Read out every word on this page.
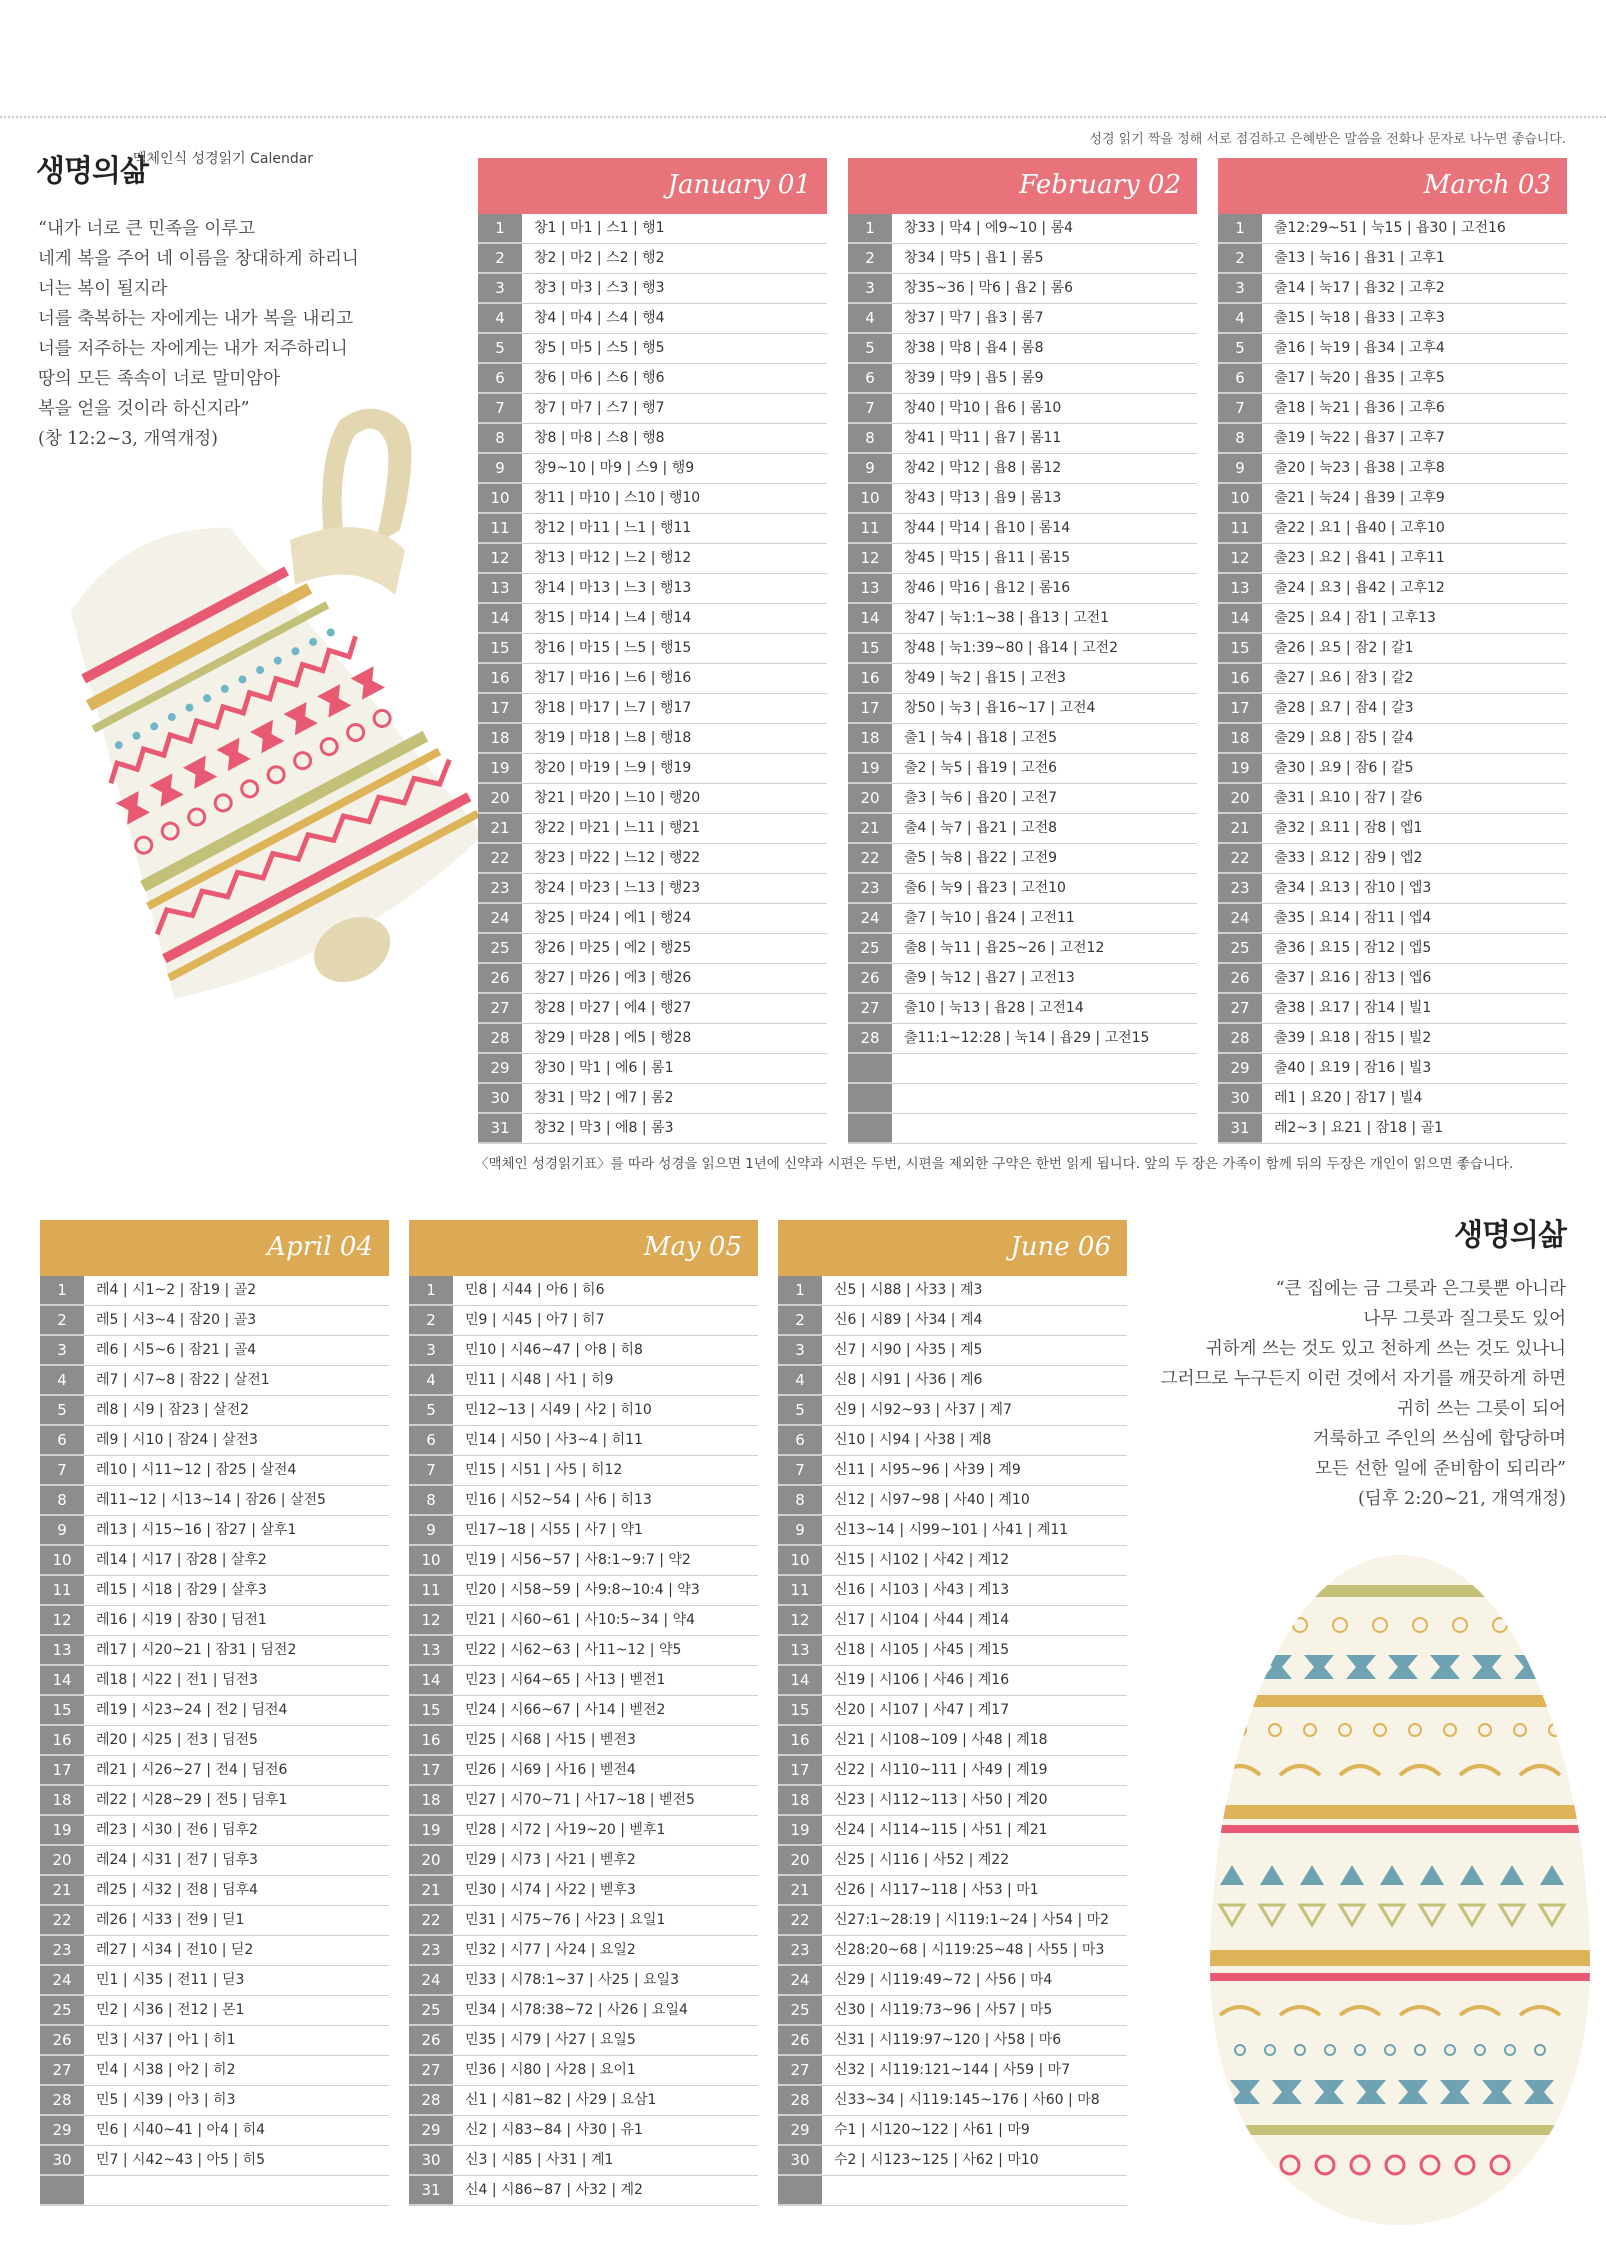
생명의삶
맥체인식 성경읽기 Calendar
성경 읽기 짝을 정해 서로 점검하고 은혜받은 말씀을 전화나 문자로 나누면 좋습니다.
“내가 너로 큰 민족을 이루고
네게 복을 주어 네 이름을 창대하게 하리니
너는 복이 될지라
너를 축복하는 자에게는 내가 복을 내리고
너를 저주하는 자에게는 내가 저주하리니
땅의 모든 족속이 너로 말미암아
복을 얻을 것이라 하신지라”
(창 12:2~3, 개역개정)
January 01
1	창1 | 마1 | 스1 | 행1
2	창2 | 마2 | 스2 | 행2
3	창3 | 마3 | 스3 | 행3
4	창4 | 마4 | 스4 | 행4
5	창5 | 마5 | 스5 | 행5
6	창6 | 마6 | 스6 | 행6
7	창7 | 마7 | 스7 | 행7
8	창8 | 마8 | 스8 | 행8
9	창9~10 | 마9 | 스9 | 행9
10	창11 | 마10 | 스10 | 행10
11	창12 | 마11 | 느1 | 행11
12	창13 | 마12 | 느2 | 행12
13	창14 | 마13 | 느3 | 행13
14	창15 | 마14 | 느4 | 행14
15	창16 | 마15 | 느5 | 행15
16	창17 | 마16 | 느6 | 행16
17	창18 | 마17 | 느7 | 행17
18	창19 | 마18 | 느8 | 행18
19	창20 | 마19 | 느9 | 행19
20	창21 | 마20 | 느10 | 행20
21	창22 | 마21 | 느11 | 행21
22	창23 | 마22 | 느12 | 행22
23	창24 | 마23 | 느13 | 행23
24	창25 | 마24 | 에1 | 행24
25	창26 | 마25 | 에2 | 행25
26	창27 | 마26 | 에3 | 행26
27	창28 | 마27 | 에4 | 행27
28	창29 | 마28 | 에5 | 행28
29	창30 | 막1 | 에6 | 롬1
30	창31 | 막2 | 에7 | 롬2
31	창32 | 막3 | 에8 | 롬3
February 02
1	창33 | 막4 | 에9~10 | 롬4
2	창34 | 막5 | 욥1 | 롬5
3	창35~36 | 막6 | 욥2 | 롬6
4	창37 | 막7 | 욥3 | 롬7
5	창38 | 막8 | 욥4 | 롬8
6	창39 | 막9 | 욥5 | 롬9
7	창40 | 막10 | 욥6 | 롬10
8	창41 | 막11 | 욥7 | 롬11
9	창42 | 막12 | 욥8 | 롬12
10	창43 | 막13 | 욥9 | 롬13
11	창44 | 막14 | 욥10 | 롬14
12	창45 | 막15 | 욥11 | 롬15
13	창46 | 막16 | 욥12 | 롬16
14	창47 | 눅1:1~38 | 욥13 | 고전1
15	창48 | 눅1:39~80 | 욥14 | 고전2
16	창49 | 눅2 | 욥15 | 고전3
17	창50 | 눅3 | 욥16~17 | 고전4
18	출1 | 눅4 | 욥18 | 고전5
19	출2 | 눅5 | 욥19 | 고전6
20	출3 | 눅6 | 욥20 | 고전7
21	출4 | 눅7 | 욥21 | 고전8
22	출5 | 눅8 | 욥22 | 고전9
23	출6 | 눅9 | 욥23 | 고전10
24	출7 | 눅10 | 욥24 | 고전11
25	출8 | 눅11 | 욥25~26 | 고전12
26	출9 | 눅12 | 욥27 | 고전13
27	출10 | 눅13 | 욥28 | 고전14
28	출11:1~12:28 | 눅14 | 욥29 | 고전15
March 03
1	출12:29~51 | 눅15 | 욥30 | 고전16
2	출13 | 눅16 | 욥31 | 고후1
3	출14 | 눅17 | 욥32 | 고후2
4	출15 | 눅18 | 욥33 | 고후3
5	출16 | 눅19 | 욥34 | 고후4
6	출17 | 눅20 | 욥35 | 고후5
7	출18 | 눅21 | 욥36 | 고후6
8	출19 | 눅22 | 욥37 | 고후7
9	출20 | 눅23 | 욥38 | 고후8
10	출21 | 눅24 | 욥39 | 고후9
11	출22 | 요1 | 욥40 | 고후10
12	출23 | 요2 | 욥41 | 고후11
13	출24 | 요3 | 욥42 | 고후12
14	출25 | 요4 | 잠1 | 고후13
15	출26 | 요5 | 잠2 | 갈1
16	출27 | 요6 | 잠3 | 갈2
17	출28 | 요7 | 잠4 | 갈3
18	출29 | 요8 | 잠5 | 갈4
19	출30 | 요9 | 잠6 | 갈5
20	출31 | 요10 | 잠7 | 갈6
21	출32 | 요11 | 잠8 | 엡1
22	출33 | 요12 | 잠9 | 엡2
23	출34 | 요13 | 잠10 | 엡3
24	출35 | 요14 | 잠11 | 엡4
25	출36 | 요15 | 잠12 | 엡5
26	출37 | 요16 | 잠13 | 엡6
27	출38 | 요17 | 잠14 | 빌1
28	출39 | 요18 | 잠15 | 빌2
29	출40 | 요19 | 잠16 | 빌3
30	레1 | 요20 | 잠17 | 빌4
31	레2~3 | 요21 | 잠18 | 골1
〈맥체인 성경읽기표〉를 따라 성경을 읽으면 1년에 신약과 시편은 두번, 시편을 제외한 구약은 한번 읽게 됩니다. 앞의 두 장은 가족이 함께 뒤의 두장은 개인이 읽으면 좋습니다.
April 04
1	레4 | 시1~2 | 잠19 | 골2
2	레5 | 시3~4 | 잠20 | 골3
3	레6 | 시5~6 | 잠21 | 골4
4	레7 | 시7~8 | 잠22 | 살전1
5	레8 | 시9 | 잠23 | 살전2
6	레9 | 시10 | 잠24 | 살전3
7	레10 | 시11~12 | 잠25 | 살전4
8	레11~12 | 시13~14 | 잠26 | 살전5
9	레13 | 시15~16 | 잠27 | 살후1
10	레14 | 시17 | 잠28 | 살후2
11	레15 | 시18 | 잠29 | 살후3
12	레16 | 시19 | 잠30 | 딤전1
13	레17 | 시20~21 | 잠31 | 딤전2
14	레18 | 시22 | 전1 | 딤전3
15	레19 | 시23~24 | 전2 | 딤전4
16	레20 | 시25 | 전3 | 딤전5
17	레21 | 시26~27 | 전4 | 딤전6
18	레22 | 시28~29 | 전5 | 딤후1
19	레23 | 시30 | 전6 | 딤후2
20	레24 | 시31 | 전7 | 딤후3
21	레25 | 시32 | 전8 | 딤후4
22	레26 | 시33 | 전9 | 딛1
23	레27 | 시34 | 전10 | 딛2
24	민1 | 시35 | 전11 | 딛3
25	민2 | 시36 | 전12 | 몬1
26	민3 | 시37 | 아1 | 히1
27	민4 | 시38 | 아2 | 히2
28	민5 | 시39 | 아3 | 히3
29	민6 | 시40~41 | 아4 | 히4
30	민7 | 시42~43 | 아5 | 히5
May 05
1	민8 | 시44 | 아6 | 히6
2	민9 | 시45 | 아7 | 히7
3	민10 | 시46~47 | 아8 | 히8
4	민11 | 시48 | 사1 | 히9
5	민12~13 | 시49 | 사2 | 히10
6	민14 | 시50 | 사3~4 | 히11
7	민15 | 시51 | 사5 | 히12
8	민16 | 시52~54 | 사6 | 히13
9	민17~18 | 시55 | 사7 | 약1
10	민19 | 시56~57 | 사8:1~9:7 | 약2
11	민20 | 시58~59 | 사9:8~10:4 | 약3
12	민21 | 시60~61 | 사10:5~34 | 약4
13	민22 | 시62~63 | 사11~12 | 약5
14	민23 | 시64~65 | 사13 | 벧전1
15	민24 | 시66~67 | 사14 | 벧전2
16	민25 | 시68 | 사15 | 벧전3
17	민26 | 시69 | 사16 | 벧전4
18	민27 | 시70~71 | 사17~18 | 벧전5
19	민28 | 시72 | 사19~20 | 벧후1
20	민29 | 시73 | 사21 | 벧후2
21	민30 | 시74 | 사22 | 벧후3
22	민31 | 시75~76 | 사23 | 요일1
23	민32 | 시77 | 사24 | 요일2
24	민33 | 시78:1~37 | 사25 | 요일3
25	민34 | 시78:38~72 | 사26 | 요일4
26	민35 | 시79 | 사27 | 요일5
27	민36 | 시80 | 사28 | 요이1
28	신1 | 시81~82 | 사29 | 요삼1
29	신2 | 시83~84 | 사30 | 유1
30	신3 | 시85 | 사31 | 계1
31	신4 | 시86~87 | 사32 | 계2
June 06
1	신5 | 시88 | 사33 | 계3
2	신6 | 시89 | 사34 | 계4
3	신7 | 시90 | 사35 | 계5
4	신8 | 시91 | 사36 | 계6
5	신9 | 시92~93 | 사37 | 계7
6	신10 | 시94 | 사38 | 계8
7	신11 | 시95~96 | 사39 | 계9
8	신12 | 시97~98 | 사40 | 계10
9	신13~14 | 시99~101 | 사41 | 계11
10	신15 | 시102 | 사42 | 계12
11	신16 | 시103 | 사43 | 계13
12	신17 | 시104 | 사44 | 계14
13	신18 | 시105 | 사45 | 계15
14	신19 | 시106 | 사46 | 계16
15	신20 | 시107 | 사47 | 계17
16	신21 | 시108~109 | 사48 | 계18
17	신22 | 시110~111 | 사49 | 계19
18	신23 | 시112~113 | 사50 | 계20
19	신24 | 시114~115 | 사51 | 계21
20	신25 | 시116 | 사52 | 계22
21	신26 | 시117~118 | 사53 | 마1
22	신27:1~28:19 | 시119:1~24 | 사54 | 마2
23	신28:20~68 | 시119:25~48 | 사55 | 마3
24	신29 | 시119:49~72 | 사56 | 마4
25	신30 | 시119:73~96 | 사57 | 마5
26	신31 | 시119:97~120 | 사58 | 마6
27	신32 | 시119:121~144 | 사59 | 마7
28	신33~34 | 시119:145~176 | 사60 | 마8
29	수1 | 시120~122 | 사61 | 마9
30	수2 | 시123~125 | 사62 | 마10
생명의삶
“큰 집에는 금 그릇과 은그릇뿐 아니라
나무 그릇과 질그릇도 있어
귀하게 쓰는 것도 있고 천하게 쓰는 것도 있나니
그러므로 누구든지 이런 것에서 자기를 깨끗하게 하면
귀히 쓰는 그릇이 되어
거룩하고 주인의 쓰심에 합당하며
모든 선한 일에 준비함이 되리라”
(딤후 2:20~21, 개역개정)
